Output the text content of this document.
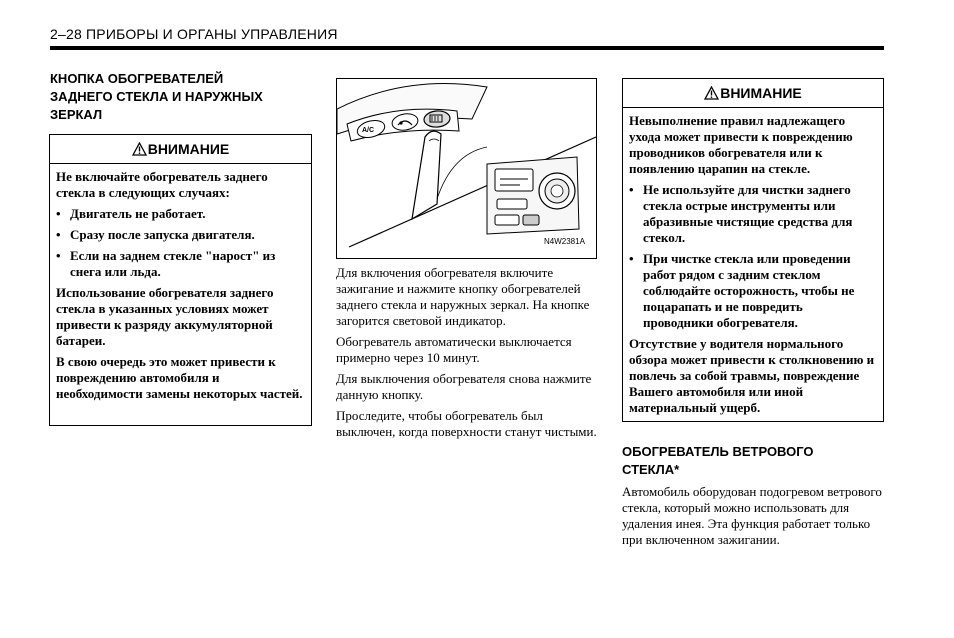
2–28 ПРИБОРЫ И ОРГАНЫ УПРАВЛЕНИЯ
КНОПКА ОБОГРЕВАТЕЛЕЙ
ЗАДНЕГО СТЕКЛА И НАРУЖНЫХ
ЗЕРКАЛ
ВНИМАНИЕ

Не включайте обогреватель заднего стекла в следующих случаях:

• Двигатель не работает.
• Сразу после запуска двигателя.
• Если на заднем стекле "нарост" из снега или льда.

Использование обогревателя заднего стекла в указанных условиях может привести к разряду аккумуляторной батареи.

В свою очередь это может привести к повреждению автомобиля и необходимости замены некоторых частей.

A/C
N4W2381A

Для включения обогревателя включите зажигание и нажмите кнопку обогревателей заднего стекла и наружных зеркал. На кнопке загорится световой индикатор.

Обогреватель автоматически выключается примерно через 10 минут.

Для выключения обогревателя снова нажмите данную кнопку.

Проследите, чтобы обогреватель был выключен, когда поверхности станут чистыми.

ВНИМАНИЕ

Невыполнение правил надлежащего ухода может привести к повреждению проводников обогревателя или к появлению царапин на стекле.

• Не используйте для чистки заднего стекла острые инструменты или абразивные чистящие средства для стекол.
• При чистке стекла или проведении работ рядом с задним стеклом соблюдайте осторожность, чтобы не поцарапать и не повредить проводники обогревателя.

Отсутствие у водителя нормального обзора может привести к столкновению и повлечь за собой травмы, повреждение Вашего автомобиля или иной материальный ущерб.

ОБОГРЕВАТЕЛЬ ВЕТРОВОГО
СТЕКЛА*

Автомобиль оборудован подогревом ветрового стекла, который можно использовать для удаления инея. Эта функция работает только при включенном зажигании.
